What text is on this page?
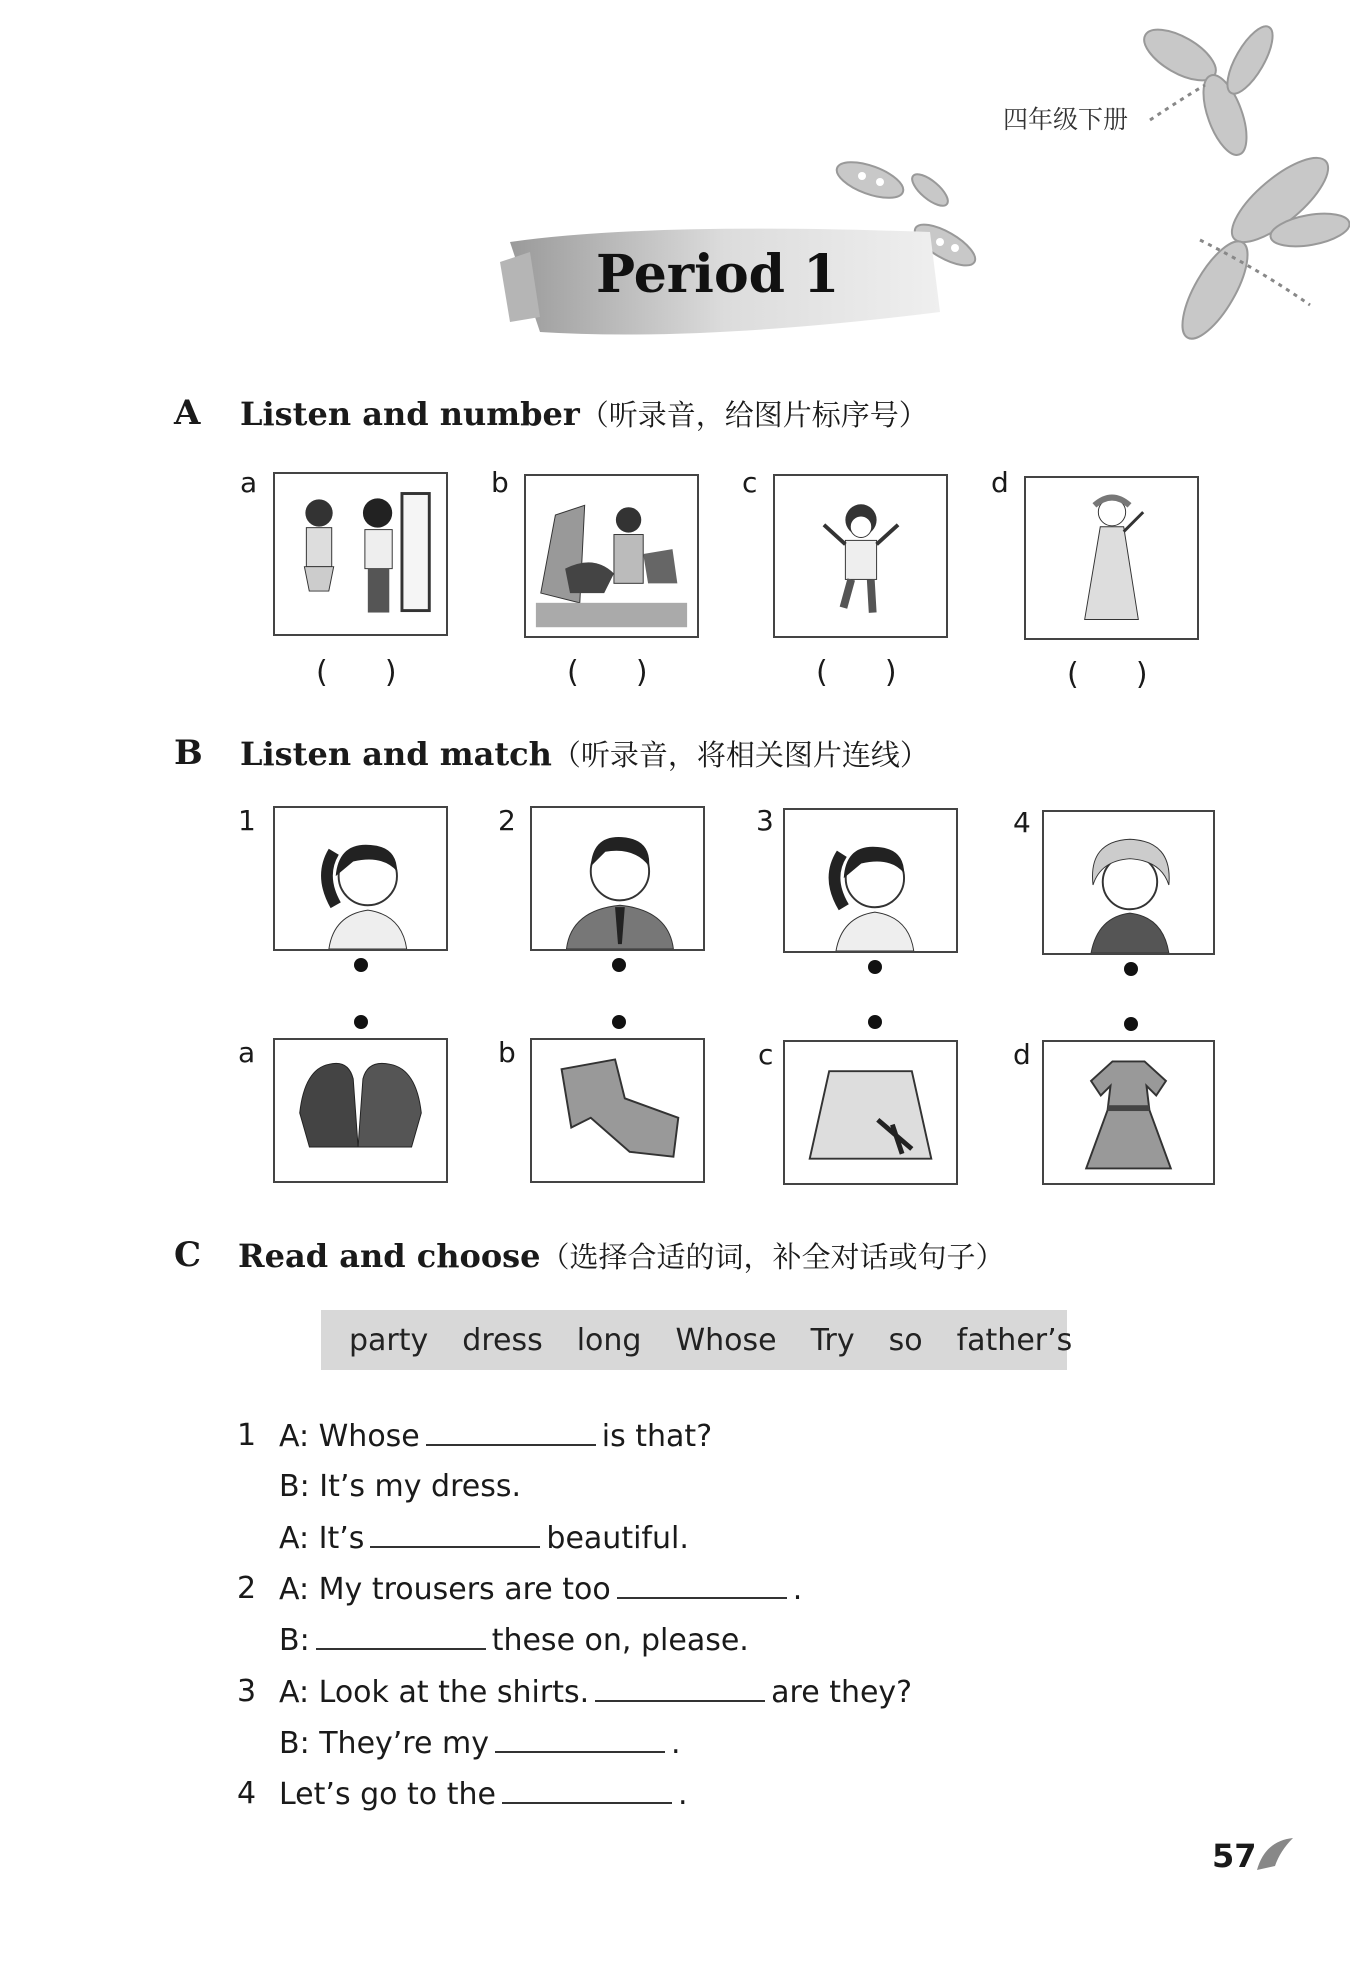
四年级下册
Period 1
A Listen and number（听录音，给图片标序号）
a
(      )
b
(      )
c
(      )
d
(      )
B Listen and match（听录音，将相关图片连线）
1	2	3	4
a	b	c	d
C Read and choose（选择合适的词，补全对话或句子）
party dress long Whose Try so father’s
1 A: Whose	is that?
B: It’s my dress.
A: It’s	beautiful.
2 A: My trousers are too	.
B:	these on, please.
3 A: Look at the shirts.	are they?
B: They’re my	.
4 Let’s go to the	.
57
